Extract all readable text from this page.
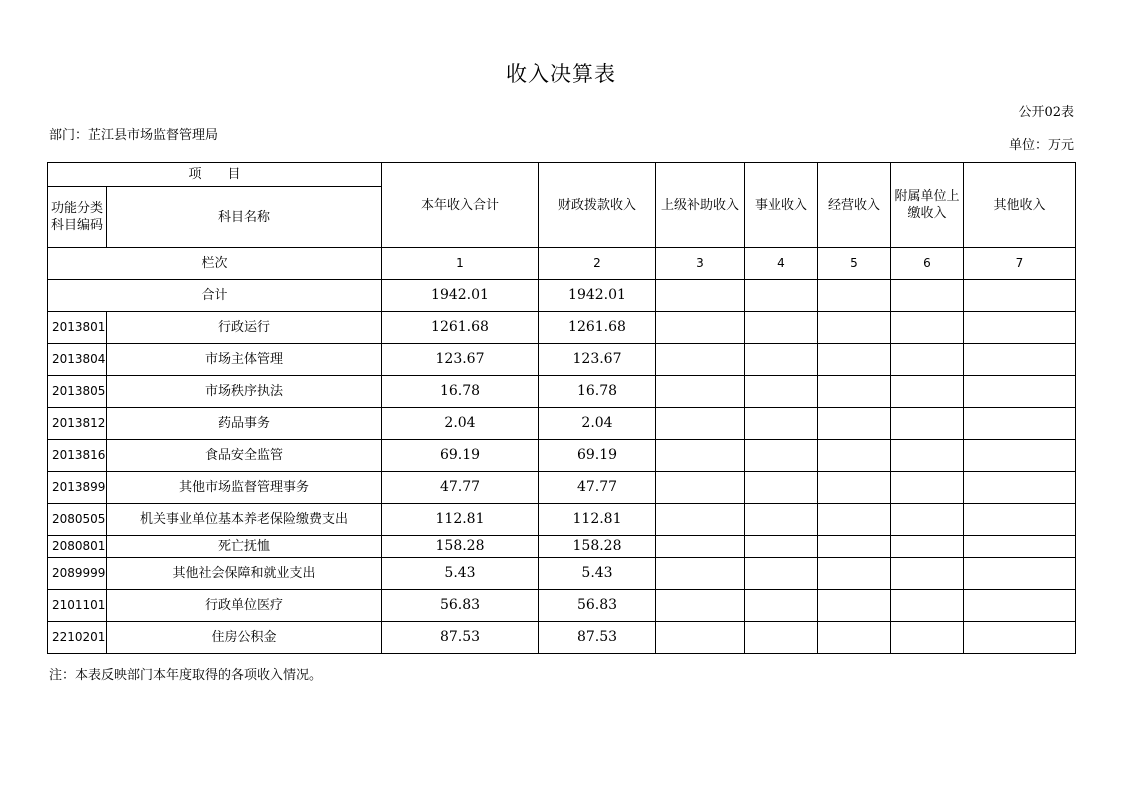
收入决算表
公开02表
部门：芷江县市场监督管理局
单位：万元
项　　目		本年收入合计	财政拨款收入	上级补助收入	事业收入	经营收入	附属单位上缴收入	其他收入
功能分类科目编码	科目名称							
栏次		1	2	3	4	5	6	7
合计		1942.01	1942.01					
2013801	行政运行	1261.68	1261.68					
2013804	市场主体管理	123.67	123.67					
2013805	市场秩序执法	16.78	16.78					
2013812	药品事务	2.04	2.04					
2013816	食品安全监管	69.19	69.19					
2013899	其他市场监督管理事务	47.77	47.77					
2080505	机关事业单位基本养老保险缴费支出	112.81	112.81					
2080801	死亡抚恤	158.28	158.28					
2089999	其他社会保障和就业支出	5.43	5.43					
2101101	行政单位医疗	56.83	56.83					
2210201	住房公积金	87.53	87.53					
注：本表反映部门本年度取得的各项收入情况。
